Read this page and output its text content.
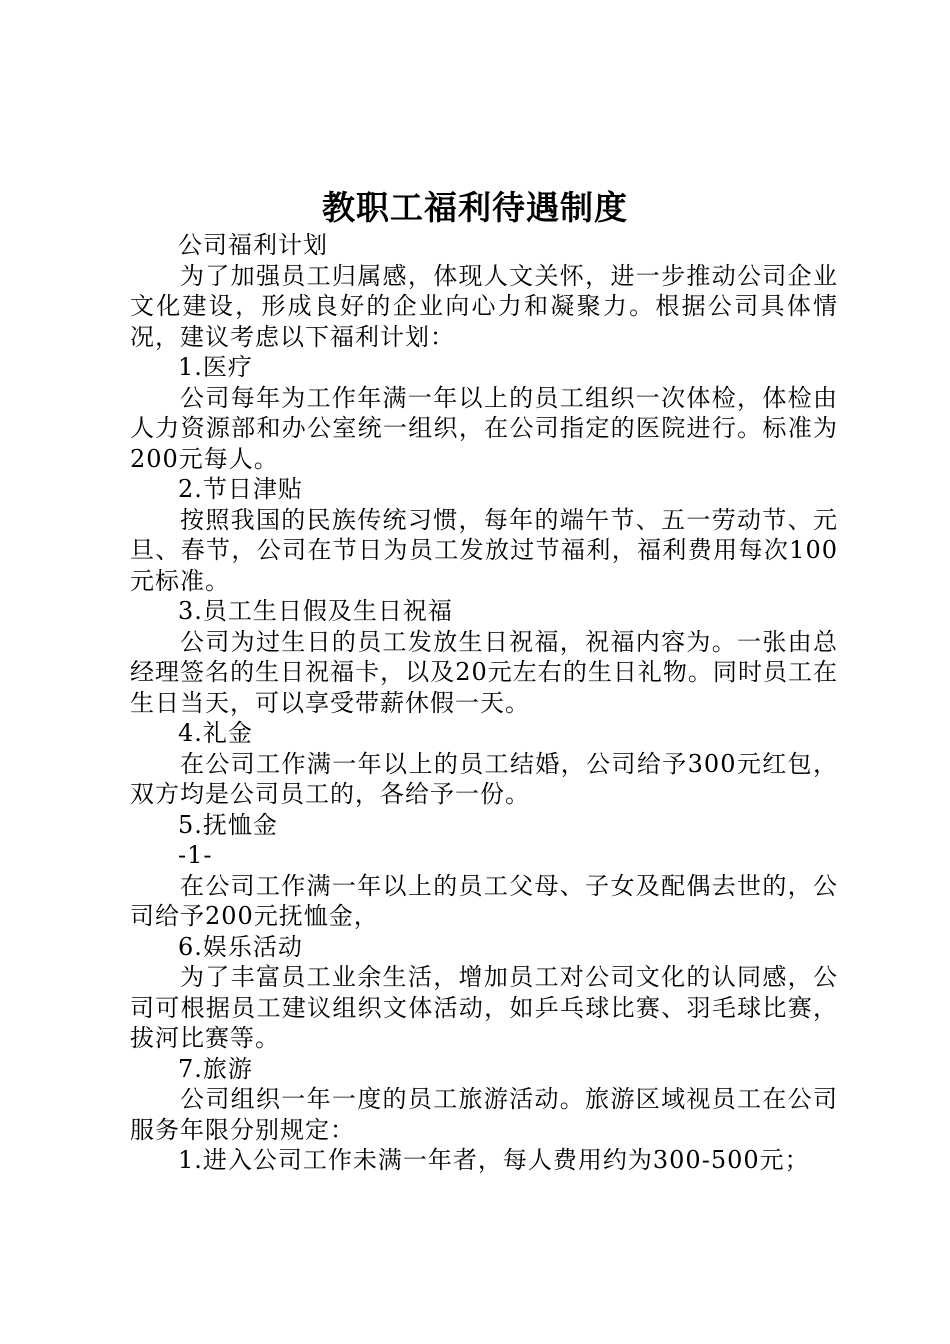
教职工福利待遇制度
公司福利计划
为了加强员工归属感，体现人文关怀，进一步推动公司企业文化建设，形成良好的企业向心力和凝聚力。根据公司具体情况，建议考虑以下福利计划：
1.医疗
公司每年为工作年满一年以上的员工组织一次体检，体检由人力资源部和办公室统一组织，在公司指定的医院进行。标准为200元每人。
2.节日津贴
按照我国的民族传统习惯，每年的端午节、五一劳动节、元旦、春节，公司在节日为员工发放过节福利，福利费用每次100元标准。
3.员工生日假及生日祝福
公司为过生日的员工发放生日祝福，祝福内容为。一张由总经理签名的生日祝福卡，以及20元左右的生日礼物。同时员工在生日当天，可以享受带薪休假一天。
4.礼金
在公司工作满一年以上的员工结婚，公司给予300元红包，双方均是公司员工的，各给予一份。
5.抚恤金
-1-
在公司工作满一年以上的员工父母、子女及配偶去世的，公司给予200元抚恤金，
6.娱乐活动
为了丰富员工业余生活，增加员工对公司文化的认同感，公司可根据员工建议组织文体活动，如乒乓球比赛、羽毛球比赛，拔河比赛等。
7.旅游
公司组织一年一度的员工旅游活动。旅游区域视员工在公司服务年限分别规定：
1.进入公司工作未满一年者，每人费用约为300-500元；
